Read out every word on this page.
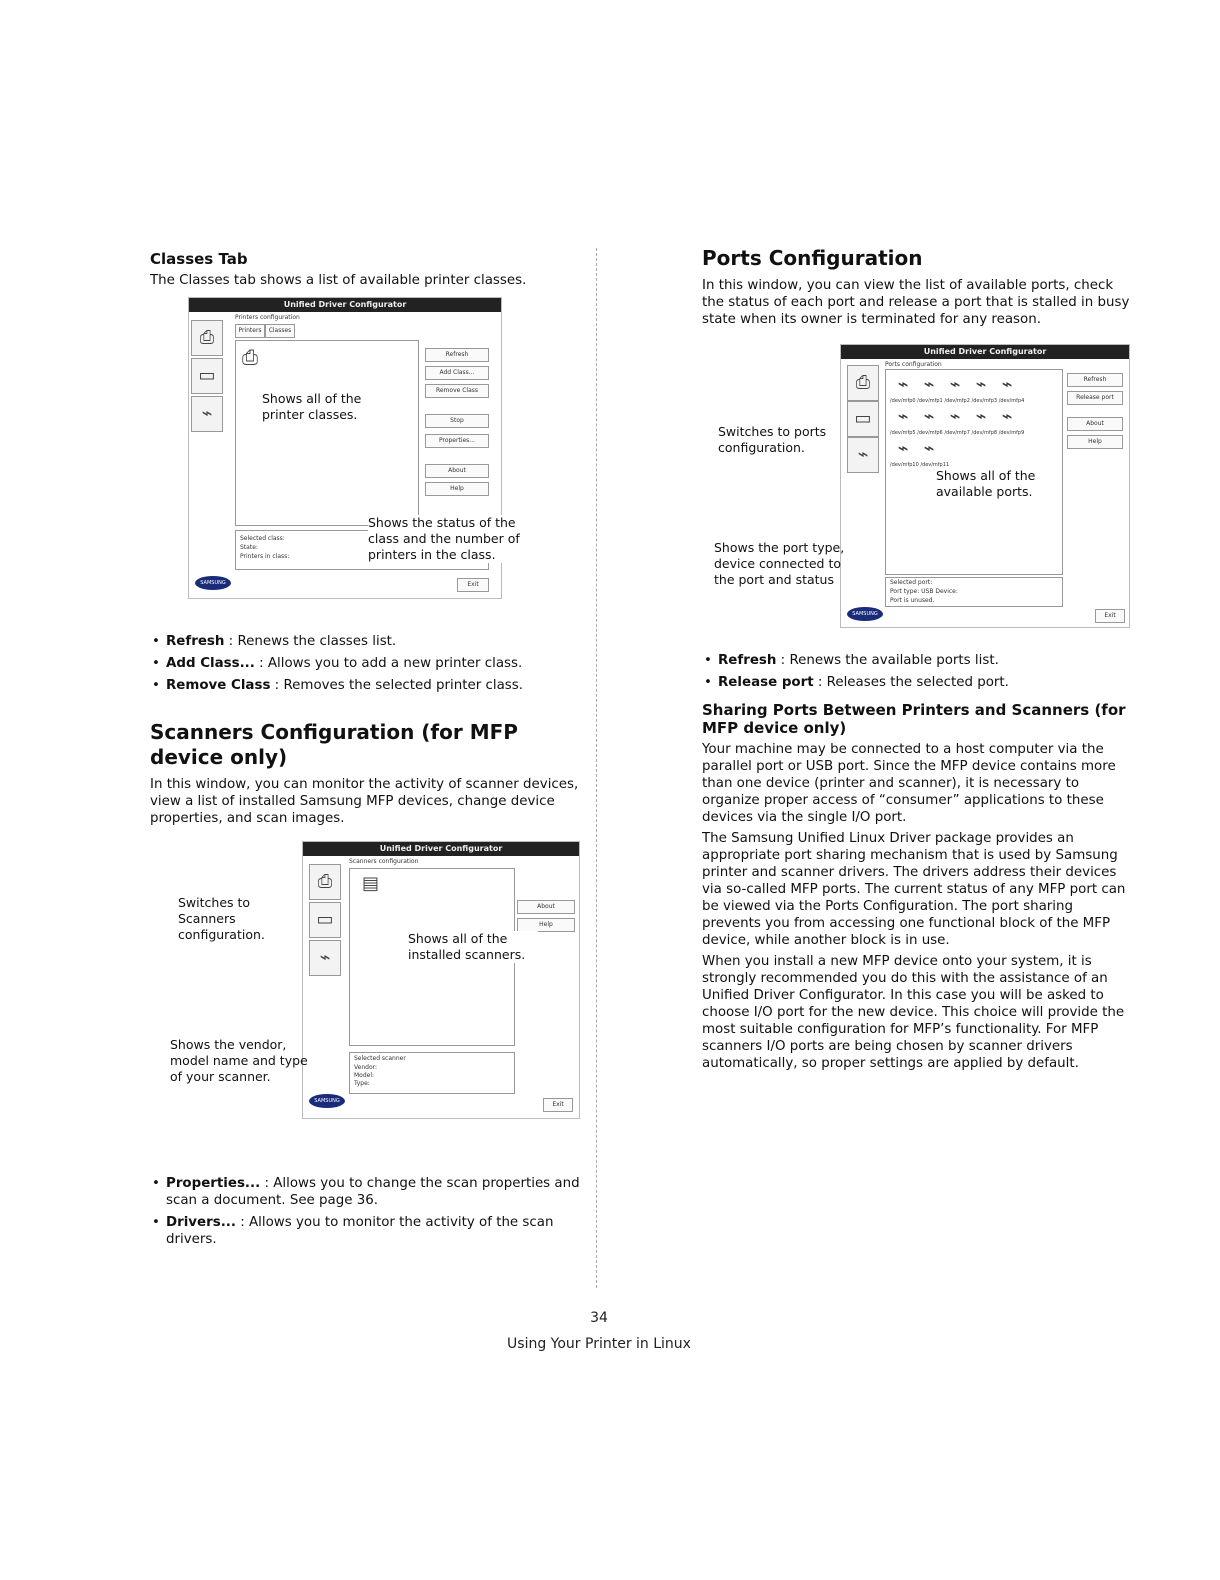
Classes Tab

The Classes tab shows a list of available printer classes.

Unified Driver Configurator
⎙
▭
⌁
Printers configuration
Printers	Classes
⎙	Refresh
Add Class...
Remove Class
Stop
Properties...
About
Help
Selected class:
State:
Printers in class:
SAMSUNG	Exit
Shows all of the printer classes.
Shows the status of the class and the number of printers in the class.
• Refresh : Renews the classes list.
• Add Class... : Allows you to add a new printer class.
• Remove Class : Removes the selected printer class.
Scanners Configuration (for MFP device only)

In this window, you can monitor the activity of scanner devices, view a list of installed Samsung MFP devices, change device properties, and scan images.

Unified Driver Configurator
⎙
▭
⌁
Scanners configuration
▤
About
Help
Selected scanner
Vendor:
Model:
Type:
SAMSUNG	Exit
Switches to Scanners configuration.	Shows all of the installed scanners.
Shows the vendor, model name and type of your scanner.
• Properties... : Allows you to change the scan properties and scan a document. See page 36.
• Drivers... : Allows you to monitor the activity of the scan drivers.
Ports Configuration

In this window, you can view the list of available ports, check the status of each port and release a port that is stalled in busy state when its owner is terminated for any reason.

Unified Driver Configurator
⎙
▭
⌁
Ports configuration
⌁ ⌁ ⌁ ⌁ ⌁
/dev/mfp0 /dev/mfp1 /dev/mfp2 /dev/mfp3 /dev/mfp4
⌁ ⌁ ⌁ ⌁ ⌁
/dev/mfp5 /dev/mfp6 /dev/mfp7 /dev/mfp8 /dev/mfp9
⌁ ⌁
/dev/mfp10 /dev/mfp11
Refresh
Release port
About
Help
Selected port:
Port type: USB Device:
Port is unused.
SAMSUNG	Exit
Switches to ports configuration.
Shows all of the available ports.
Shows the port type, device connected to the port and status
• Refresh : Renews the available ports list.
• Release port : Releases the selected port.
Sharing Ports Between Printers and Scanners (for MFP device only)

Your machine may be connected to a host computer via the parallel port or USB port. Since the MFP device contains more than one device (printer and scanner), it is necessary to organize proper access of “consumer” applications to these devices via the single I/O port.

The Samsung Unified Linux Driver package provides an appropriate port sharing mechanism that is used by Samsung printer and scanner drivers. The drivers address their devices via so-called MFP ports. The current status of any MFP port can be viewed via the Ports Configuration. The port sharing prevents you from accessing one functional block of the MFP device, while another block is in use.

When you install a new MFP device onto your system, it is strongly recommended you do this with the assistance of an Unified Driver Configurator. In this case you will be asked to choose I/O port for the new device. This choice will provide the most suitable configuration for MFP’s functionality. For MFP scanners I/O ports are being chosen by scanner drivers automatically, so proper settings are applied by default.

34
Using Your Printer in Linux
